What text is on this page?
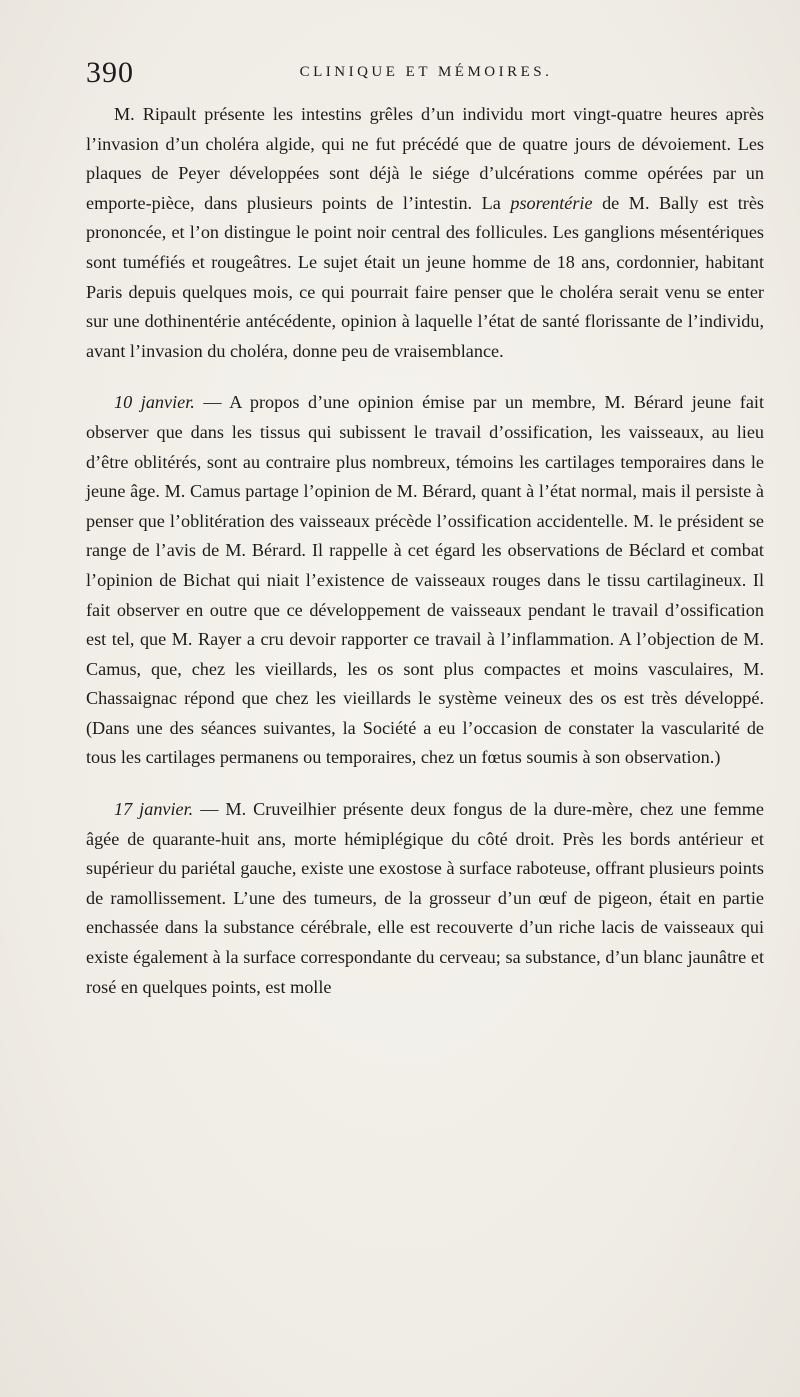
390	CLINIQUE ET MÉMOIRES.

M. Ripault présente les intestins grêles d’un individu mort vingt-quatre heures après l’invasion d’un choléra algide, qui ne fut précédé que de quatre jours de dévoiement. Les plaques de Peyer développées sont déjà le siége d’ulcérations comme opérées par un emporte-pièce, dans plusieurs points de l’intestin. La psorentérie de M. Bally est très prononcée, et l’on distingue le point noir central des follicules. Les ganglions mésentériques sont tuméfiés et rougeâtres. Le sujet était un jeune homme de 18 ans, cordonnier, habitant Paris depuis quelques mois, ce qui pourrait faire penser que le choléra serait venu se enter sur une dothinentérie antécédente, opinion à laquelle l’état de santé florissante de l’individu, avant l’invasion du choléra, donne peu de vraisemblance.

10 janvier. — A propos d’une opinion émise par un membre, M. Bérard jeune fait observer que dans les tissus qui subissent le travail d’ossification, les vaisseaux, au lieu d’être oblitérés, sont au contraire plus nombreux, témoins les cartilages temporaires dans le jeune âge. M. Camus partage l’opinion de M. Bérard, quant à l’état normal, mais il persiste à penser que l’oblitération des vaisseaux précède l’ossification accidentelle. M. le président se range de l’avis de M. Bérard. Il rappelle à cet égard les observations de Béclard et combat l’opinion de Bichat qui niait l’existence de vaisseaux rouges dans le tissu cartilagineux. Il fait observer en outre que ce développement de vaisseaux pendant le travail d’ossification est tel, que M. Rayer a cru devoir rapporter ce travail à l’inflammation. A l’objection de M. Camus, que, chez les vieillards, les os sont plus compactes et moins vasculaires, M. Chassaignac répond que chez les vieillards le système veineux des os est très développé. (Dans une des séances suivantes, la Société a eu l’occasion de constater la vascularité de tous les cartilages permanens ou temporaires, chez un fœtus soumis à son observation.)

17 janvier. — M. Cruveilhier présente deux fongus de la dure-mère, chez une femme âgée de quarante-huit ans, morte hémiplégique du côté droit. Près les bords antérieur et supérieur du pariétal gauche, existe une exostose à surface raboteuse, offrant plusieurs points de ramollissement. L’une des tumeurs, de la grosseur d’un œuf de pigeon, était en partie enchassée dans la substance cérébrale, elle est recouverte d’un riche lacis de vaisseaux qui existe également à la surface correspondante du cerveau; sa substance, d’un blanc jaunâtre et rosé en quelques points, est molle
